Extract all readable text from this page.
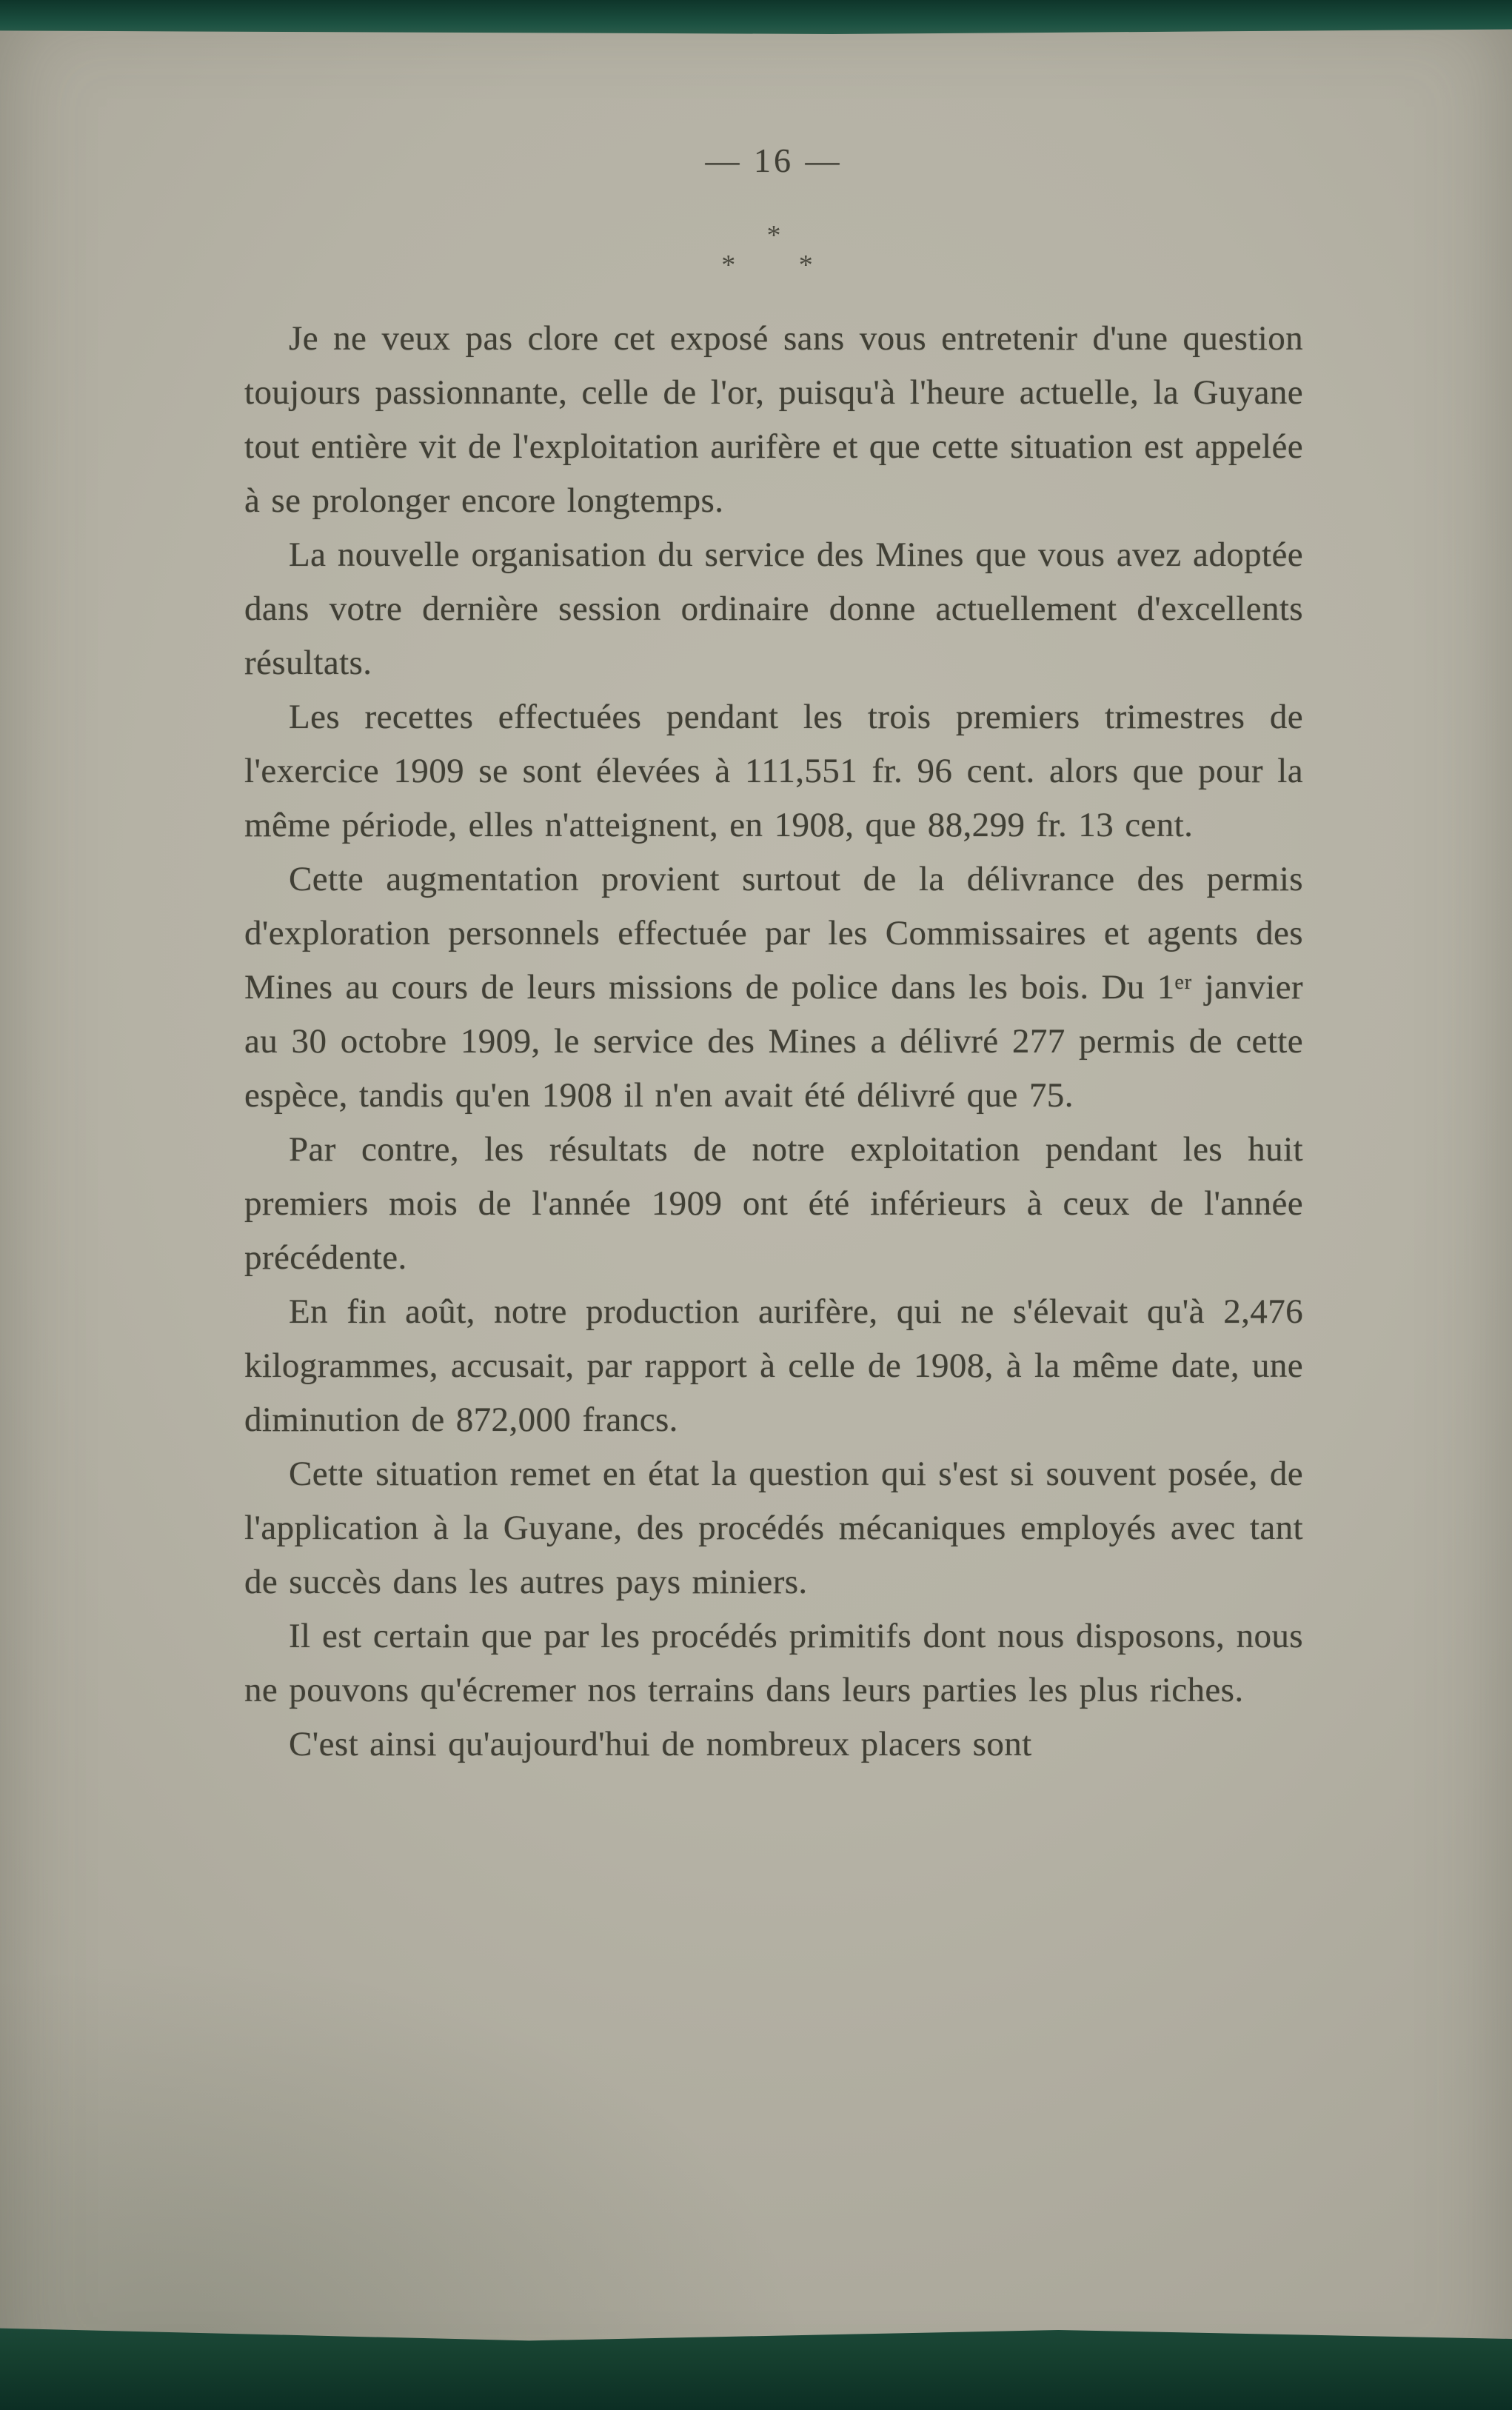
— 16 —
*
* *

Je ne veux pas clore cet exposé sans vous entretenir d'une question toujours passionnante, celle de l'or, puisqu'à l'heure actuelle, la Guyane tout entière vit de l'exploitation aurifère et que cette situation est appelée à se prolonger encore longtemps.

La nouvelle organisation du service des Mines que vous avez adoptée dans votre dernière session ordinaire donne actuellement d'excellents résultats.

Les recettes effectuées pendant les trois premiers trimestres de l'exercice 1909 se sont élevées à 111,551 fr. 96 cent. alors que pour la même période, elles n'atteignent, en 1908, que 88,299 fr. 13 cent.

Cette augmentation provient surtout de la délivrance des permis d'exploration personnels effectuée par les Commissaires et agents des Mines au cours de leurs missions de police dans les bois. Du 1ᵉʳ janvier au 30 octobre 1909, le service des Mines a délivré 277 permis de cette espèce, tandis qu'en 1908 il n'en avait été délivré que 75.

Par contre, les résultats de notre exploitation pendant les huit premiers mois de l'année 1909 ont été inférieurs à ceux de l'année précédente.

En fin août, notre production aurifère, qui ne s'élevait qu'à 2,476 kilogrammes, accusait, par rapport à celle de 1908, à la même date, une diminution de 872,000 francs.

Cette situation remet en état la question qui s'est si souvent posée, de l'application à la Guyane, des procédés mécaniques employés avec tant de succès dans les autres pays miniers.

Il est certain que par les procédés primitifs dont nous disposons, nous ne pouvons qu'écremer nos terrains dans leurs parties les plus riches.

C'est ainsi qu'aujourd'hui de nombreux placers sont
